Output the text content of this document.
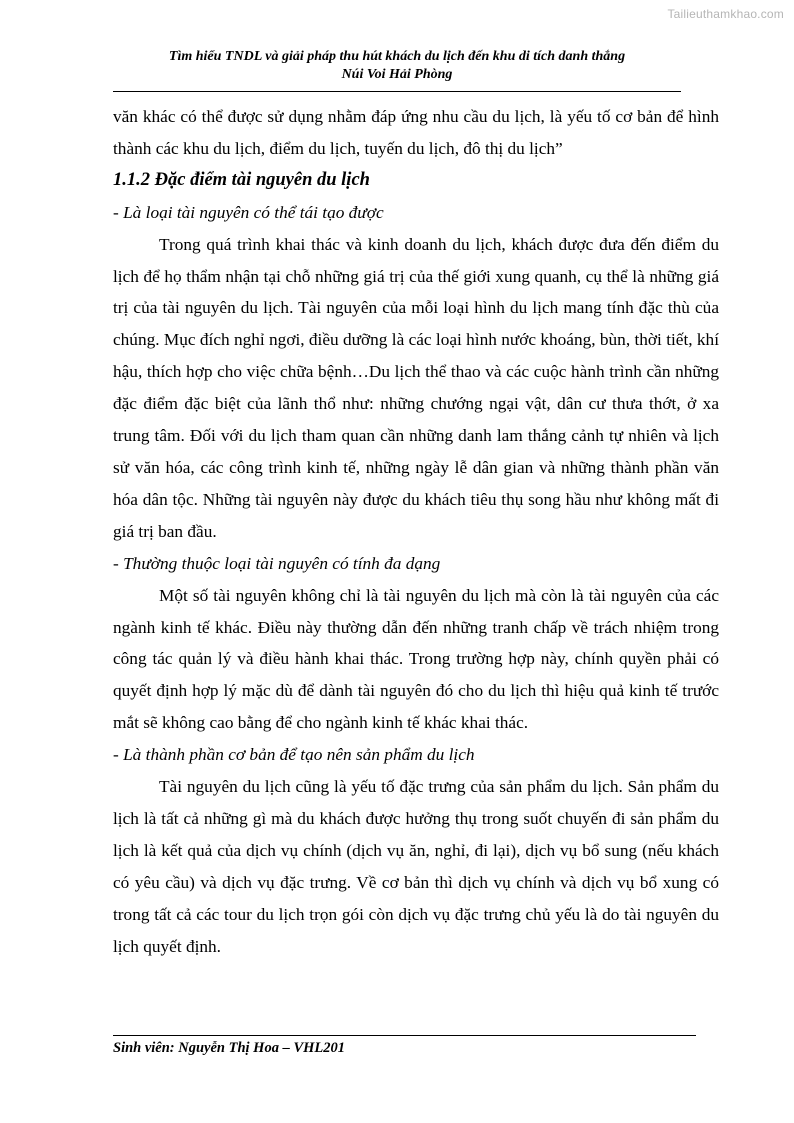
Tailieuthamkhao.com
Tìm hiểu TNDL và giải pháp thu hút khách du lịch đến khu di tích danh thắng
Núi Voi Hải Phòng

văn khác có thể được sử dụng nhằm đáp ứng nhu cầu du lịch, là yếu tố cơ bản để hình thành các khu du lịch, điểm du lịch, tuyến du lịch, đô thị du lịch”

1.1.2 Đặc điểm tài nguyên du lịch

- Là loại tài nguyên có thể tái tạo được

Trong quá trình khai thác và kinh doanh du lịch, khách được đưa đến điểm du lịch để họ thẩm nhận tại chỗ những giá trị của thế giới xung quanh, cụ thể là những giá trị của tài nguyên du lịch. Tài nguyên của mỗi loại hình du lịch mang tính đặc thù của chúng. Mục đích nghỉ ngơi, điều dưỡng là các loại hình nước khoáng, bùn, thời tiết, khí hậu, thích hợp cho việc chữa bệnh…Du lịch thể thao và các cuộc hành trình cần những đặc điểm đặc biệt của lãnh thổ như: những chướng ngại vật, dân cư thưa thớt, ở xa trung tâm. Đối với du lịch tham quan cần những danh lam thắng cảnh tự nhiên và lịch sử văn hóa, các công trình kinh tế, những ngày lễ dân gian và những thành phần văn hóa dân tộc. Những tài nguyên này được du khách tiêu thụ song hầu như không mất đi giá trị ban đầu.

- Thường thuộc loại tài nguyên có tính đa dạng

Một số tài nguyên không chỉ là tài nguyên du lịch mà còn là tài nguyên của các ngành kinh tế khác. Điều này thường dẫn đến những tranh chấp về trách nhiệm trong công tác quản lý và điều hành khai thác. Trong trường hợp này, chính quyền phải có quyết định hợp lý mặc dù để dành tài nguyên đó cho du lịch thì hiệu quả kinh tế trước mắt sẽ không cao bằng để cho ngành kinh tế khác khai thác.

- Là thành phần cơ bản để tạo nên sản phẩm du lịch

Tài nguyên du lịch cũng là yếu tố đặc trưng của sản phẩm du lịch. Sản phẩm du lịch là tất cả những gì mà du khách được hưởng thụ trong suốt chuyến đi sản phẩm du lịch là kết quả của dịch vụ chính (dịch vụ ăn, nghỉ, đi lại), dịch vụ bổ sung (nếu khách có yêu cầu) và dịch vụ đặc trưng. Về cơ bản thì dịch vụ chính và dịch vụ bổ xung có trong tất cả các tour du lịch trọn gói còn dịch vụ đặc trưng chủ yếu là do tài nguyên du lịch quyết định.

Sinh viên: Nguyễn Thị Hoa – VHL201
